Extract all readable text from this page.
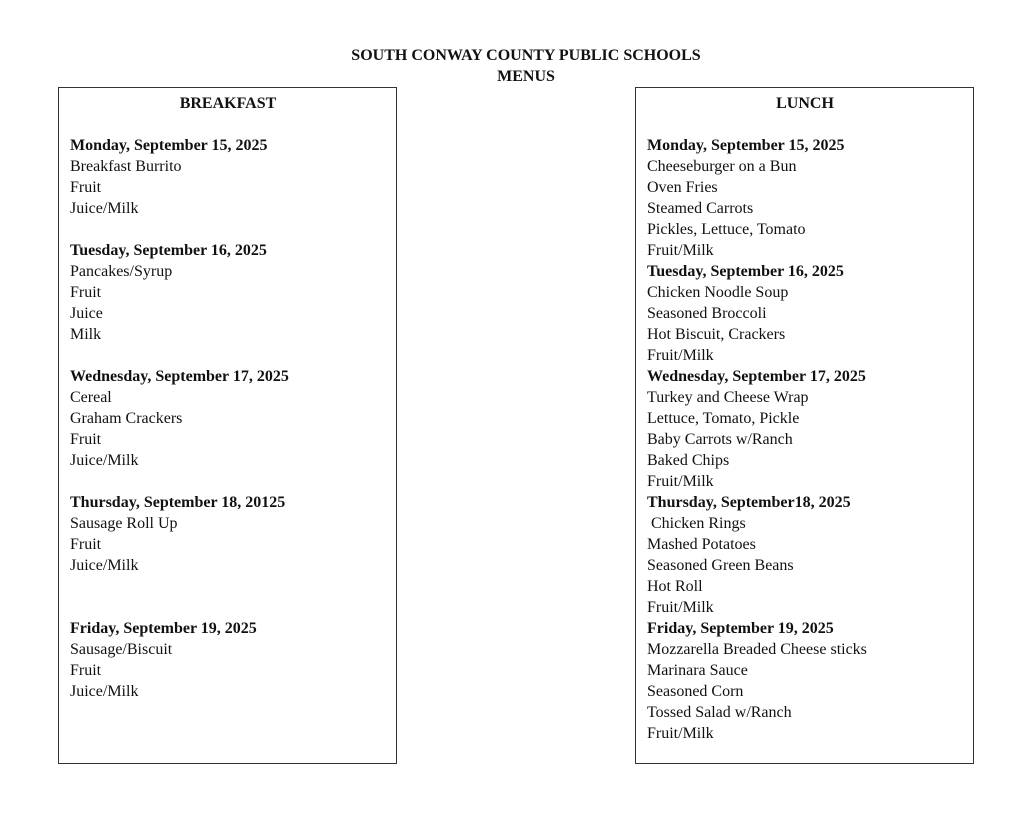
SOUTH CONWAY COUNTY PUBLIC SCHOOLS
MENUS
BREAKFAST
Monday, September 15, 2025
Breakfast Burrito
Fruit
Juice/Milk
Tuesday, September 16, 2025
Pancakes/Syrup
Fruit
Juice
Milk
Wednesday, September 17, 2025
Cereal
Graham Crackers
Fruit
Juice/Milk
Thursday, September 18, 20125
Sausage Roll Up
Fruit
Juice/Milk
Friday, September 19, 2025
Sausage/Biscuit
Fruit
Juice/Milk
LUNCH
Monday, September 15, 2025
Cheeseburger on a Bun
Oven Fries
Steamed Carrots
Pickles, Lettuce, Tomato
Fruit/Milk
Tuesday, September 16, 2025
Chicken Noodle Soup
Seasoned Broccoli
Hot Biscuit, Crackers
Fruit/Milk
Wednesday, September 17, 2025
Turkey and Cheese Wrap
Lettuce, Tomato, Pickle
Baby Carrots w/Ranch
Baked Chips
Fruit/Milk
Thursday, September18, 2025
Chicken Rings
Mashed Potatoes
Seasoned Green Beans
Hot Roll
Fruit/Milk
Friday, September 19, 2025
Mozzarella Breaded Cheese sticks
Marinara Sauce
Seasoned Corn
Tossed Salad w/Ranch
Fruit/Milk
